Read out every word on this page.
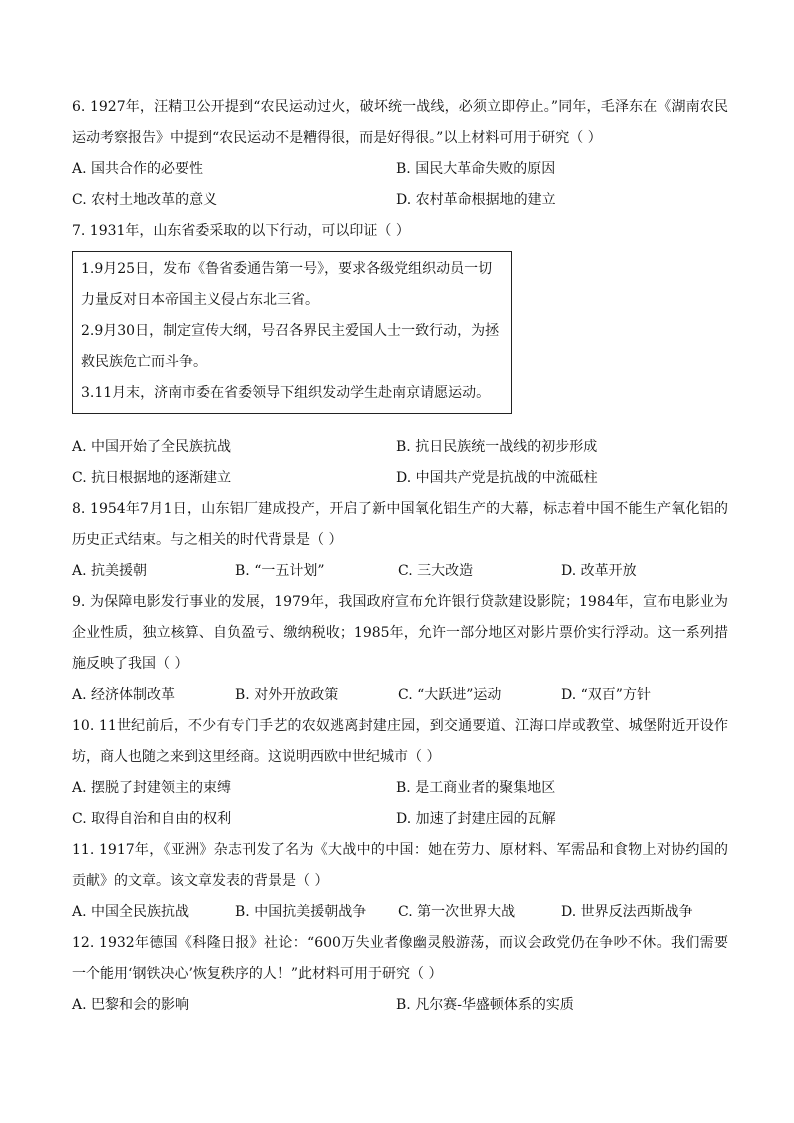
6. 1927年，汪精卫公开提到“农民运动过火，破坏统一战线，必须立即停止。”同年，毛泽东在《湖南农民运动考察报告》中提到“农民运动不是糟得很，而是好得很。”以上材料可用于研究（ ）
A. 国共合作的必要性	B. 国民大革命失败的原因
C. 农村土地改革的意义	D. 农村革命根据地的建立
7. 1931年，山东省委采取的以下行动，可以印证（ ）

1.9月25日，发布《鲁省委通告第一号》，要求各级党组织动员一切力量反对日本帝国主义侵占东北三省。

2.9月30日，制定宣传大纲，号召各界民主爱国人士一致行动，为拯救民族危亡而斗争。

3.11月末，济南市委在省委领导下组织发动学生赴南京请愿运动。

A. 中国开始了全民族抗战	B. 抗日民族统一战线的初步形成
C. 抗日根据地的逐渐建立	D. 中国共产党是抗战的中流砥柱
8. 1954年7月1日，山东铝厂建成投产，开启了新中国氧化铝生产的大幕，标志着中国不能生产氧化铝的历史正式结束。与之相关的时代背景是（ ）
A. 抗美援朝	B. “一五计划”	C. 三大改造	D. 改革开放
9. 为保障电影发行事业的发展，1979年，我国政府宣布允许银行贷款建设影院；1984年，宣布电影业为企业性质，独立核算、自负盈亏、缴纳税收；1985年，允许一部分地区对影片票价实行浮动。这一系列措施反映了我国（ ）
A. 经济体制改革	B. 对外开放政策	C. “大跃进”运动	D. “双百”方针
10. 11世纪前后，不少有专门手艺的农奴逃离封建庄园，到交通要道、江海口岸或教堂、城堡附近开设作坊，商人也随之来到这里经商。这说明西欧中世纪城市（ ）
A. 摆脱了封建领主的束缚	B. 是工商业者的聚集地区
C. 取得自治和自由的权利	D. 加速了封建庄园的瓦解
11. 1917年，《亚洲》杂志刊发了名为《大战中的中国：她在劳力、原材料、军需品和食物上对协约国的贡献》的文章。该文章发表的背景是（ ）
A. 中国全民族抗战	B. 中国抗美援朝战争	C. 第一次世界大战	D. 世界反法西斯战争
12. 1932年德国《科隆日报》社论：“600万失业者像幽灵般游荡，而议会政党仍在争吵不休。我们需要一个能用‘钢铁决心’恢复秩序的人！”此材料可用于研究（ ）
A. 巴黎和会的影响	B. 凡尔赛-华盛顿体系的实质
